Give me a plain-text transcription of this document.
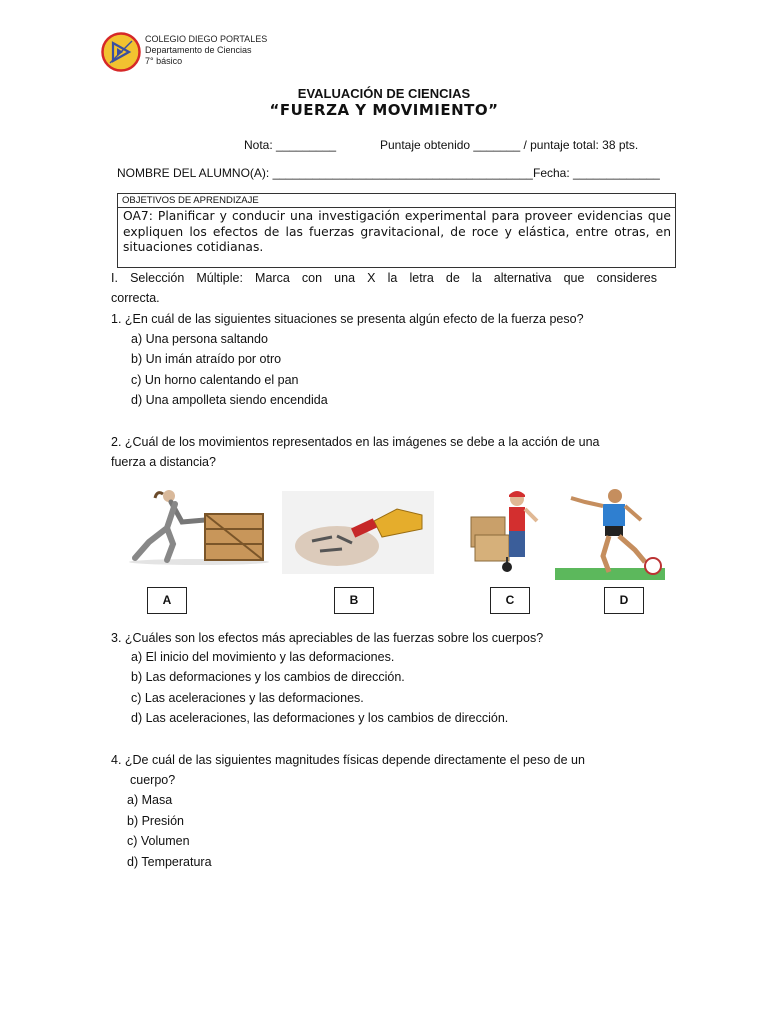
COLEGIO DIEGO PORTALES
Departamento de Ciencias
7° básico
EVALUACIÓN DE CIENCIAS
“FUERZA Y MOVIMIENTO”
Nota: _________	Puntaje obtenido _______ / puntaje total: 38 pts.
NOMBRE DEL ALUMNO(A): _______________________________________ Fecha: _____________
OBJETIVOS DE APRENDIZAJE
OA7: Planificar y conducir una investigación experimental para proveer evidencias que expliquen los efectos de las fuerzas gravitacional, de roce y elástica, entre otras, en situaciones cotidianas.
I. Selección Múltiple: Marca con una X la letra de la alternativa que consideres
correcta.
1. ¿En cuál de las siguientes situaciones se presenta algún efecto de la fuerza peso?
a) Una persona saltando
b) Un imán atraído por otro
c) Un horno calentando el pan
d) Una ampolleta siendo encendida
2. ¿Cuál de los movimientos representados en las imágenes se debe a la acción de una
fuerza a distancia?
A	B	C	D
3. ¿Cuáles son los efectos más apreciables de las fuerzas sobre los cuerpos?
a) El inicio del movimiento y las deformaciones.
b) Las deformaciones y los cambios de dirección.
c) Las aceleraciones y las deformaciones.
d) Las aceleraciones, las deformaciones y los cambios de dirección.
4. ¿De cuál de las siguientes magnitudes físicas depende directamente el peso de un
cuerpo?
a) Masa
b) Presión
c) Volumen
d) Temperatura
